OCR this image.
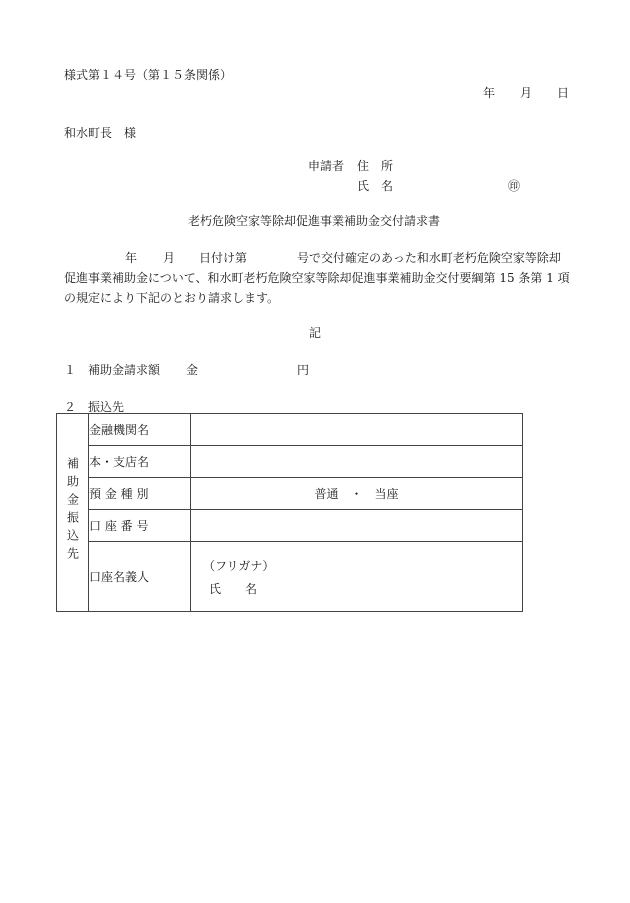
様式第１４号（第１５条関係）
年 月 日
和水町長　様
申請者 住　所
氏　名	㊞
老朽危険空家等除却促進事業補助金交付請求書
年 月 日付け第	号で交付確定のあった和水町老朽危険空家等除却
促進事業補助金について、和水町老朽危険空家等除却促進事業補助金交付要綱第 15 条第 1 項
の規定により下記のとおり請求します。
記
１ 補助金請求額 金	円
２ 振込先
補助金振込先	金融機関名	
	本・支店名	
	預 金 種 別	普通　・　当座
	口 座 番 号	
	口座名義人	（フリガナ）
氏　　名
